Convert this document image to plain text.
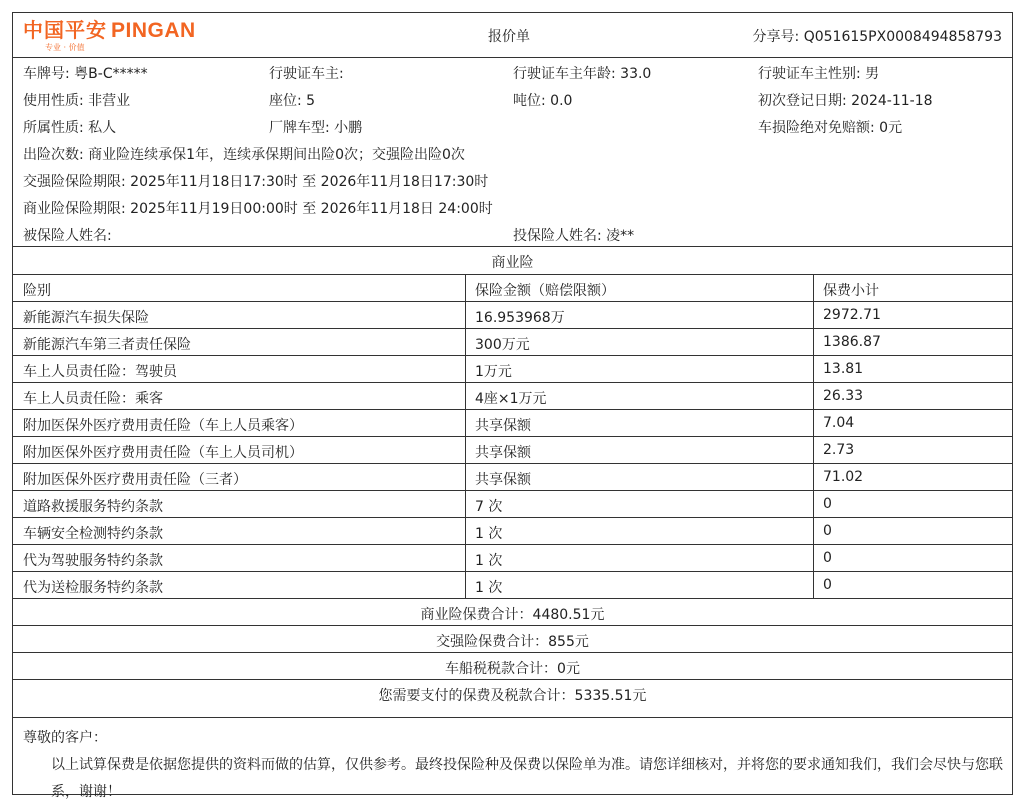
中国平安 PINGAN
专业 · 价值
报价单	分享号: Q051615PX0008494858793
车牌号: 粤B-C*****	行驶证车主:	行驶证车主年龄: 33.0	行驶证车主性别: 男
使用性质: 非营业	座位: 5	吨位: 0.0	初次登记日期: 2024-11-18
所属性质: 私人	厂牌车型: 小鹏	车损险绝对免赔额: 0元
出险次数: 商业险连续承保1年，连续承保期间出险0次；交强险出险0次
交强险保险期限: 2025年11月18日17:30时 至 2026年11月18日17:30时
商业险保险期限: 2025年11月19日00:00时 至 2026年11月18日 24:00时
被保险人姓名:	投保险人姓名: 凌**
商业险
险别	保险金额（赔偿限额）	保费小计
新能源汽车损失保险	16.953968万	2972.71
新能源汽车第三者责任保险	300万元	1386.87
车上人员责任险：驾驶员	1万元	13.81
车上人员责任险：乘客	4座×1万元	26.33
附加医保外医疗费用责任险（车上人员乘客）	共享保额	7.04
附加医保外医疗费用责任险（车上人员司机）	共享保额	2.73
附加医保外医疗费用责任险（三者）	共享保额	71.02
道路救援服务特约条款	7 次	0
车辆安全检测特约条款	1 次	0
代为驾驶服务特约条款	1 次	0
代为送检服务特约条款	1 次	0
商业险保费合计：4480.51元
交强险保费合计：855元
车船税税款合计：0元
您需要支付的保费及税款合计：5335.51元

尊敬的客户：

以上试算保费是依据您提供的资料而做的估算，仅供参考。最终投保险种及保费以保险单为准。请您详细核对，并将您的要求通知我们，我们会尽快与您联系，谢谢！
